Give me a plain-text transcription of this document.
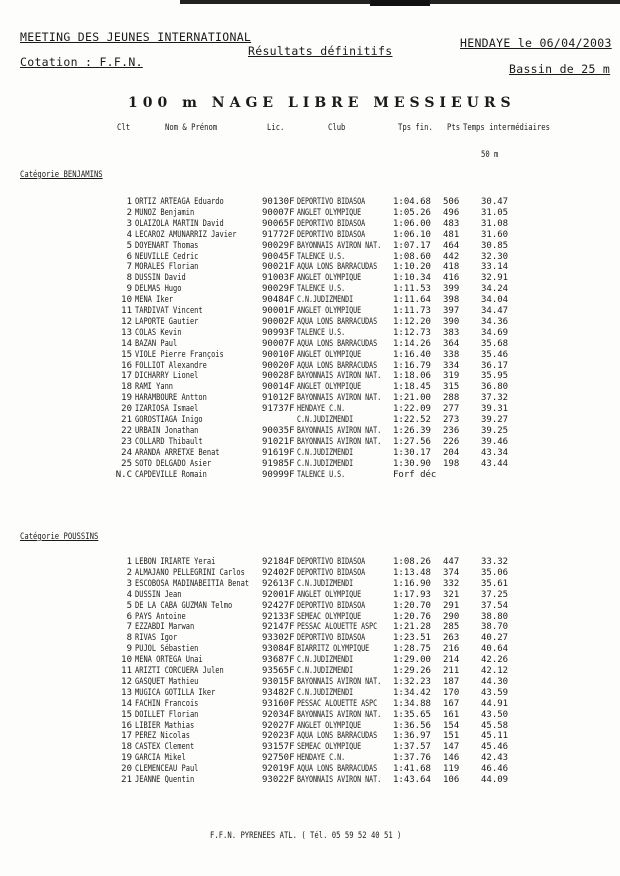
MEETING DES JEUNES INTERNATIONAL	HENDAYE le 06/04/2003
Résultats définitifs
Cotation : F.F.N.	Bassin de 25 m
100 m NAGE LIBRE MESSIEURS
Clt	Nom & Prénom	Lic.	Club	Tps fin. Pts Temps intermédiaires
50 m
Catégorie BENJAMINS
1 ORTIZ ARTEAGA Eduardo	90130F DEPORTIVO BIDASOA	1:04.68 506 30.47
2 MUNOZ Benjamin	90007F ANGLET OLYMPIQUE	1:05.26 496 31.05
3 OLAIZOLA MARTIN David	90065F DEPORTIVO BIDASOA	1:06.00 483 31.08
4 LECAROZ AMUNARRIZ Javier	91772F DEPORTIVO BIDASOA	1:06.10 481 31.60
5 DOYENART Thomas	90029F BAYONNAIS AVIRON NAT. 1:07.17 464 30.85
6 NEUVILLE Cedric	90045F TALENCE U.S.	1:08.60 442 32.30
7 MORALES Florian	90021F AQUA LONS BARRACUDAS 1:10.20 418 33.14
8 DUSSIN David	91003F ANGLET OLYMPIQUE	1:10.34 416 32.91
9 DELMAS Hugo	90029F TALENCE U.S.	1:11.53 399 34.24
10 MENA Iker	90484F C.N.JUDIZMENDI	1:11.64 398 34.04
11 TARDIVAT Vincent	90001F ANGLET OLYMPIQUE	1:11.73 397 34.47
12 LAPORTE Gautier	90002F AQUA LONS BARRACUDAS 1:12.20 390 34.36
13 COLAS Kevin	90993F TALENCE U.S.	1:12.73 383 34.69
14 BAZAN Paul	90007F AQUA LONS BARRACUDAS 1:14.26 364 35.68
15 VIOLE Pierre François	90010F ANGLET OLYMPIQUE	1:16.40 338 35.46
16 FOLLIOT Alexandre	90020F AQUA LONS BARRACUDAS 1:16.79 334 36.17
17 DICHARRY Lionel	90028F BAYONNAIS AVIRON NAT. 1:18.06 319 35.95
18 RAMI Yann	90014F ANGLET OLYMPIQUE	1:18.45 315 36.80
19 HARAMBOURE Antton	91012F BAYONNAIS AVIRON NAT. 1:21.00 288 37.32
20 IZARIOSA Ismael	91737F HENDAYE C.N.	1:22.09 277 39.31
21 GOROSTIAGA Inigo	C.N.JUDIZMENDI	1:22.52 273 39.27
22 URBAIN Jonathan	90035F BAYONNAIS AVIRON NAT. 1:26.39 236 39.25
23 COLLARD Thibault	91021F BAYONNAIS AVIRON NAT. 1:27.56 226 39.46
24 ARANDA ARRETXE Benat	91619F C.N.JUDIZMENDI	1:30.17 204 43.34
25 SOTO DELGADO Asier	91985F C.N.JUDIZMENDI	1:30.90 198 43.44
N.C CAPDEVILLE Romain	90999F TALENCE U.S.	Forf déc
Catégorie POUSSINS
1 LEBON IRIARTE Yerai	92184F DEPORTIVO BIDASOA	1:08.26 447 33.32
2 ALMAJANO PELLEGRINI Carlos 92402F DEPORTIVO BIDASOA	1:13.48 374 35.06
3 ESCOBOSA MADINABEITIA Benat 92613F C.N.JUDIZMENDI	1:16.90 332 35.61
4 DUSSIN Jean	92001F ANGLET OLYMPIQUE	1:17.93 321 37.25
5 DE LA CABA GUZMAN Telmo	92427F DEPORTIVO BIDASOA	1:20.70 291 37.54
6 PAYS Antoine	92133F SEMEAC OLYMPIQUE	1:20.76 290 38.80
7 EZZABDI Marwan	92147F PESSAC ALOUETTE ASPC 1:21.28 285 38.70
8 RIVAS Igor	93302F DEPORTIVO BIDASOA	1:23.51 263 40.27
9 PUJOL Sébastien	93084F BIARRITZ OLYMPIQUE	1:28.75 216 40.64
10 MENA ORTEGA Unai	93687F C.N.JUDIZMENDI	1:29.00 214 42.26
11 ARIZTI CORCUERA Julen	93565F C.N.JUDIZMENDI	1:29.26 211 42.12
12 GASQUET Mathieu	93015F BAYONNAIS AVIRON NAT. 1:32.23 187 44.30
13 MUGICA GOTILLA Iker	93482F C.N.JUDIZMENDI	1:34.42 170 43.59
14 FACHIN Francois	93160F PESSAC ALOUETTE ASPC 1:34.88 167 44.91
15 DOILLET Florian	92034F BAYONNAIS AVIRON NAT. 1:35.65 161 43.50
16 LIBIER Mathias	92027F ANGLET OLYMPIQUE	1:36.56 154 45.58
17 PEREZ Nicolas	92023F AQUA LONS BARRACUDAS 1:36.97 151 45.11
18 CASTEX Clement	93157F SEMEAC OLYMPIQUE	1:37.57 147 45.46
19 GARCIA Mikel	92750F HENDAYE C.N.	1:37.76 146 42.43
20 CLEMENCEAU Paul	92019F AQUA LONS BARRACUDAS 1:41.68 119 46.46
21 JEANNE Quentin	93022F BAYONNAIS AVIRON NAT. 1:43.64 106 44.09
F.F.N. PYRENEES ATL. ( Tél. 05 59 52 40 51 )
